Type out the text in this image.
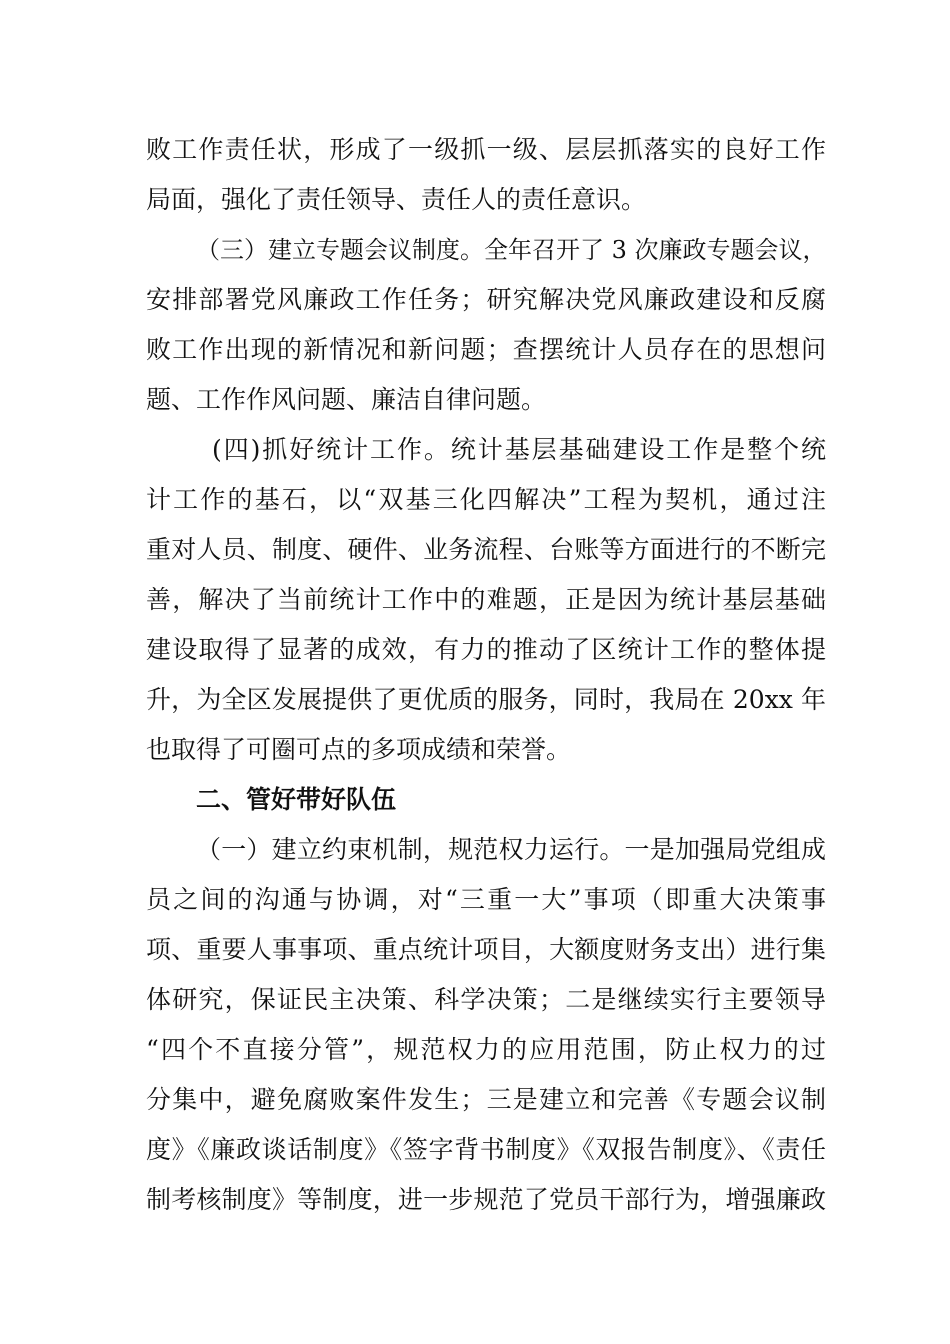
败工作责任状，形成了一级抓一级、层层抓落实的良好工作
局面，强化了责任领导、责任人的责任意识。
（三）建立专题会议制度。全年召开了 3 次廉政专题会议，
安排部署党风廉政工作任务；研究解决党风廉政建设和反腐
败工作出现的新情况和新问题；查摆统计人员存在的思想问
题、工作作风问题、廉洁自律问题。
(四)抓好统计工作。统计基层基础建设工作是整个统
计工作的基石，以“双基三化四解决”工程为契机，通过注
重对人员、制度、硬件、业务流程、台账等方面进行的不断完
善，解决了当前统计工作中的难题，正是因为统计基层基础
建设取得了显著的成效，有力的推动了区统计工作的整体提
升，为全区发展提供了更优质的服务，同时，我局在 20xx 年
也取得了可圈可点的多项成绩和荣誉。
二、管好带好队伍
（一）建立约束机制，规范权力运行。一是加强局党组成
员之间的沟通与协调，对“三重一大”事项（即重大决策事
项、重要人事事项、重点统计项目，大额度财务支出）进行集
体研究，保证民主决策、科学决策；二是继续实行主要领导
“四个不直接分管”，规范权力的应用范围，防止权力的过
分集中，避免腐败案件发生；三是建立和完善《专题会议制
度》《廉政谈话制度》《签字背书制度》《双报告制度》、《责任
制考核制度》等制度，进一步规范了党员干部行为，增强廉政
